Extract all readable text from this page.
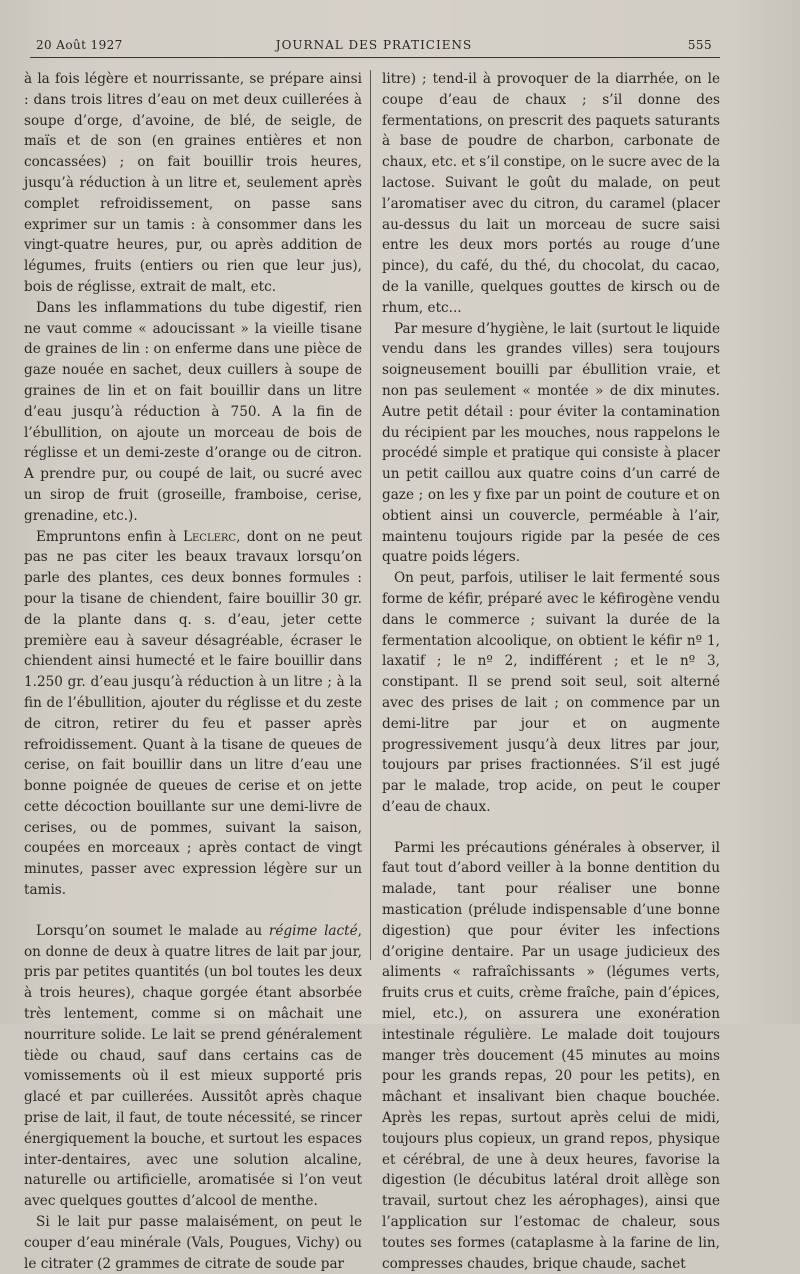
20 Août 1927	JOURNAL DES PRATICIENS	555

à la fois légère et nourrissante, se prépare ainsi : dans trois litres d’eau on met deux cuillerées à soupe d’orge, d’avoine, de blé, de seigle, de maïs et de son (en graines entières et non concassées) ; on fait bouillir trois heures, jusqu’à réduction à un litre et, seulement après complet refroidissement, on passe sans exprimer sur un tamis : à consommer dans les vingt-quatre heures, pur, ou après addition de légumes, fruits (entiers ou rien que leur jus), bois de réglisse, extrait de malt, etc.

Dans les inflammations du tube digestif, rien ne vaut comme « adoucissant » la vieille tisane de graines de lin : on enferme dans une pièce de gaze nouée en sachet, deux cuillers à soupe de graines de lin et on fait bouillir dans un litre d’eau jusqu’à réduction à 750. A la fin de l’ébullition, on ajoute un morceau de bois de réglisse et un demi-zeste d’orange ou de citron. A prendre pur, ou coupé de lait, ou sucré avec un sirop de fruit (groseille, framboise, cerise, grenadine, etc.).

Empruntons enfin à Leclerc, dont on ne peut pas ne pas citer les beaux travaux lorsqu’on parle des plantes, ces deux bonnes formules : pour la tisane de chiendent, faire bouillir 30 gr. de la plante dans q. s. d’eau, jeter cette première eau à saveur désagréable, écraser le chiendent ainsi humecté et le faire bouillir dans 1.250 gr. d’eau jusqu’à réduction à un litre ; à la fin de l’ébullition, ajouter du réglisse et du zeste de citron, retirer du feu et passer après refroidissement. Quant à la tisane de queues de cerise, on fait bouillir dans un litre d’eau une bonne poignée de queues de cerise et on jette cette décoction bouillante sur une demi-livre de cerises, ou de pommes, suivant la saison, coupées en morceaux ; après contact de vingt minutes, passer avec expression légère sur un tamis.

Lorsqu’on soumet le malade au régime lacté, on donne de deux à quatre litres de lait par jour, pris par petites quantités (un bol toutes les deux à trois heures), chaque gorgée étant absorbée très lentement, comme si on mâchait une nourriture solide. Le lait se prend généralement tiède ou chaud, sauf dans certains cas de vomissements où il est mieux supporté pris glacé et par cuillerées. Aussitôt après chaque prise de lait, il faut, de toute nécessité, se rincer énergiquement la bouche, et surtout les espaces inter-dentaires, avec une solution alcaline, naturelle ou artificielle, aromatisée si l’on veut avec quelques gouttes d’alcool de menthe.

Si le lait pur passe malaisément, on peut le couper d’eau minérale (Vals, Pougues, Vichy) ou le citrater (2 grammes de citrate de soude par

litre) ; tend-il à provoquer de la diarrhée, on le coupe d’eau de chaux ; s’il donne des fermentations, on prescrit des paquets saturants à base de poudre de charbon, carbonate de chaux, etc. et s’il constipe, on le sucre avec de la lactose. Suivant le goût du malade, on peut l’aromatiser avec du citron, du caramel (placer au-dessus du lait un morceau de sucre saisi entre les deux mors portés au rouge d’une pince), du café, du thé, du chocolat, du cacao, de la vanille, quelques gouttes de kirsch ou de rhum, etc...

Par mesure d’hygiène, le lait (surtout le liquide vendu dans les grandes villes) sera toujours soigneusement bouilli par ébullition vraie, et non pas seulement « montée » de dix minutes. Autre petit détail : pour éviter la contamination du récipient par les mouches, nous rappelons le procédé simple et pratique qui consiste à placer un petit caillou aux quatre coins d’un carré de gaze ; on les y fixe par un point de couture et on obtient ainsi un couvercle, perméable à l’air, maintenu toujours rigide par la pesée de ces quatre poids légers.

On peut, parfois, utiliser le lait fermenté sous forme de kéfir, préparé avec le kéfirogène vendu dans le commerce ; suivant la durée de la fermentation alcoolique, on obtient le kéfir nº 1, laxatif ; le nº 2, indifférent ; et le nº 3, constipant. Il se prend soit seul, soit alterné avec des prises de lait ; on commence par un demi-litre par jour et on augmente progressivement jusqu’à deux litres par jour, toujours par prises fractionnées. S’il est jugé par le malade, trop acide, on peut le couper d’eau de chaux.

Parmi les précautions générales à observer, il faut tout d’abord veiller à la bonne dentition du malade, tant pour réaliser une bonne mastication (prélude indispensable d’une bonne digestion) que pour éviter les infections d’origine dentaire. Par un usage judicieux des aliments « rafraîchissants » (légumes verts, fruits crus et cuits, crème fraîche, pain d’épices, miel, etc.), on assurera une exonération intestinale régulière. Le malade doit toujours manger très doucement (45 minutes au moins pour les grands repas, 20 pour les petits), en mâchant et insalivant bien chaque bouchée. Après les repas, surtout après celui de midi, toujours plus copieux, un grand repos, physique et cérébral, de une à deux heures, favorise la digestion (le décubitus latéral droit allège son travail, surtout chez les aérophages), ainsi que l’application sur l’estomac de chaleur, sous toutes ses formes (cataplasme à la farine de lin, compresses chaudes, brique chaude, sachet
